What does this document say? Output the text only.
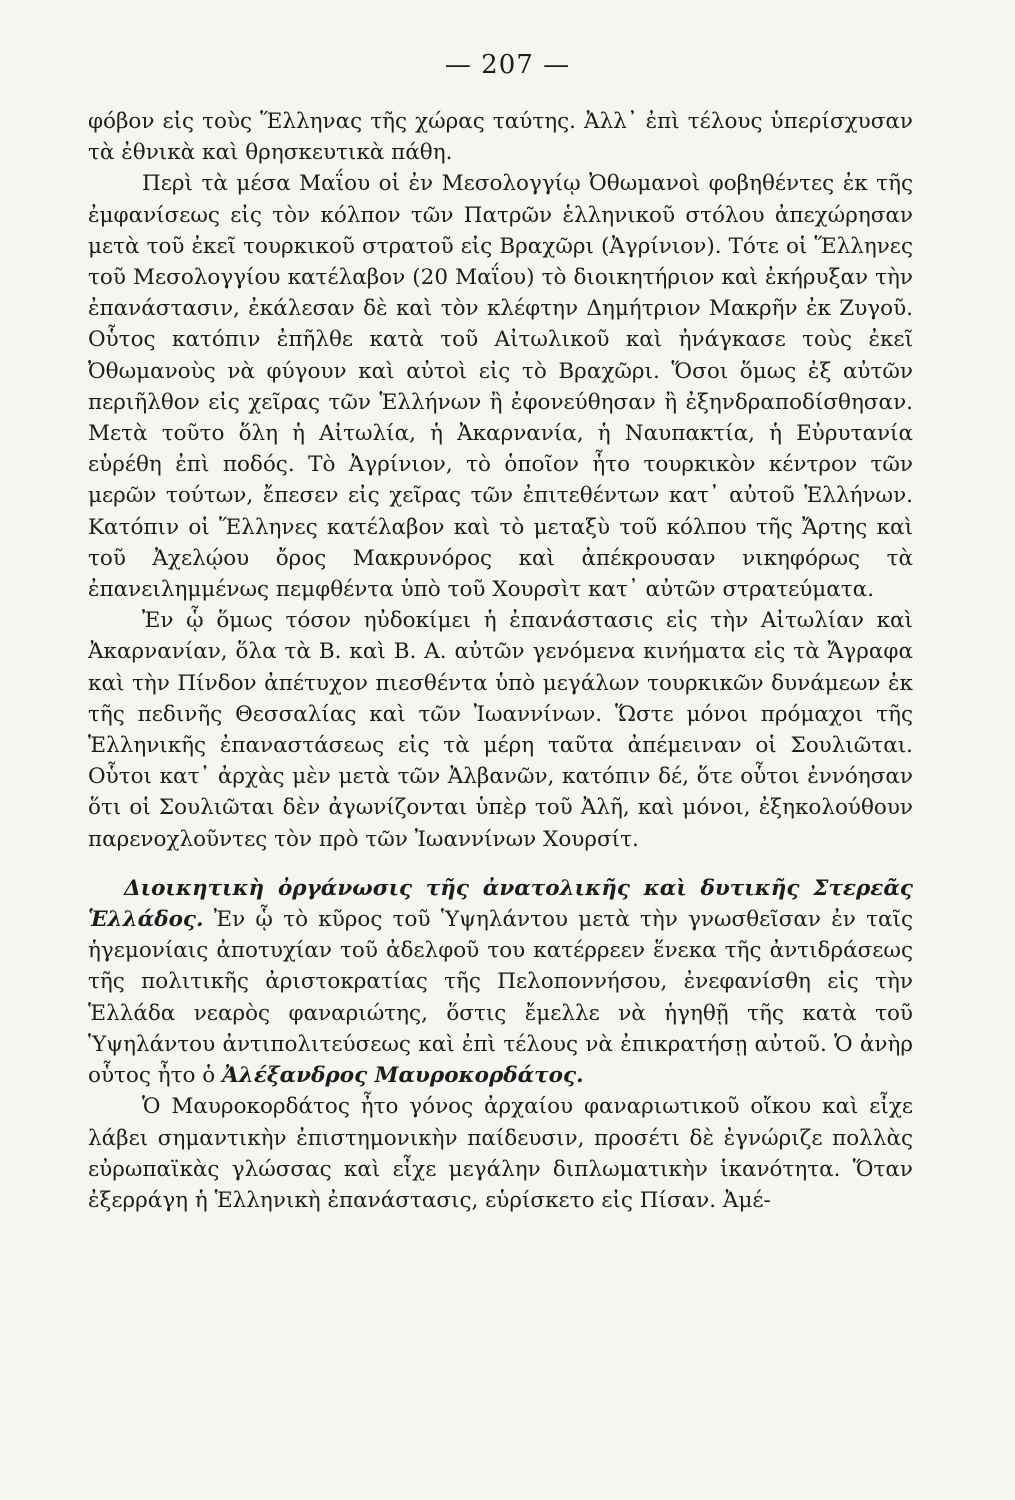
— 207 —

φόβον εἰς τοὺς Ἕλληνας τῆς χώρας ταύτης. Ἀλλ᾽ ἐπὶ τέλους ὑπερίσχυσαν τὰ ἐθνικὰ καὶ θρησκευτικὰ πάθη.

Περὶ τὰ μέσα Μαΐου οἱ ἐν Μεσολογγίῳ Ὀθωμανοὶ φοβηθέντες ἐκ τῆς ἐμφανίσεως εἰς τὸν κόλπον τῶν Πατρῶν ἑλληνικοῦ στόλου ἀπεχώρησαν μετὰ τοῦ ἐκεῖ τουρκικοῦ στρατοῦ εἰς Βραχῶρι (Ἀγρίνιον). Τότε οἱ Ἕλληνες τοῦ Μεσολογγίου κατέλαβον (20 Μαΐου) τὸ διοικητήριον καὶ ἐκήρυξαν τὴν ἐπανάστασιν, ἐκάλεσαν δὲ καὶ τὸν κλέφτην Δημήτριον Μακρῆν ἐκ Ζυγοῦ. Οὗτος κατόπιν ἐπῆλθε κατὰ τοῦ Αἰτωλικοῦ καὶ ἠνάγκασε τοὺς ἐκεῖ Ὀθωμανοὺς νὰ φύγουν καὶ αὐτοὶ εἰς τὸ Βραχῶρι. Ὅσοι ὅμως ἐξ αὐτῶν περιῆλθον εἰς χεῖρας τῶν Ἑλλήνων ἢ ἐφονεύθησαν ἢ ἐξηνδραποδίσθησαν. Μετὰ τοῦτο ὅλη ἡ Αἰτωλία, ἡ Ἀκαρνανία, ἡ Ναυπακτία, ἡ Εὐρυτανία εὑρέθη ἐπὶ ποδός. Τὸ Ἀγρίνιον, τὸ ὁποῖον ἦτο τουρκικὸν κέντρον τῶν μερῶν τούτων, ἔπεσεν εἰς χεῖρας τῶν ἐπιτεθέντων κατ᾽ αὐτοῦ Ἑλλήνων. Κατόπιν οἱ Ἕλληνες κατέλαβον καὶ τὸ μεταξὺ τοῦ κόλπου τῆς Ἄρτης καὶ τοῦ Ἀχελῴου ὄρος Μακρυνόρος καὶ ἀπέκρουσαν νικηφόρως τὰ ἐπανειλημμένως πεμφθέντα ὑπὸ τοῦ Χουρσὶτ κατ᾽ αὐτῶν στρατεύματα.

Ἐν ᾧ ὅμως τόσον ηὐδοκίμει ἡ ἐπανάστασις εἰς τὴν Αἰτωλίαν καὶ Ἀκαρνανίαν, ὅλα τὰ Β. καὶ Β. Α. αὐτῶν γενόμενα κινήματα εἰς τὰ Ἄγραφα καὶ τὴν Πίνδον ἀπέτυχον πιεσθέντα ὑπὸ μεγάλων τουρκικῶν δυνάμεων ἐκ τῆς πεδινῆς Θεσσαλίας καὶ τῶν Ἰωαννίνων. Ὥστε μόνοι πρόμαχοι τῆς Ἑλληνικῆς ἐπαναστάσεως εἰς τὰ μέρη ταῦτα ἀπέμειναν οἱ Σουλιῶται. Οὗτοι κατ᾽ ἀρχὰς μὲν μετὰ τῶν Ἀλβανῶν, κατόπιν δέ, ὅτε οὗτοι ἐννόησαν ὅτι οἱ Σουλιῶται δὲν ἀγωνίζονται ὑπὲρ τοῦ Ἀλῆ, καὶ μόνοι, ἐξηκολούθουν παρενοχλοῦντες τὸν πρὸ τῶν Ἰωαννίνων Χουρσίτ.

Διοικητικὴ ὀργάνωσις τῆς ἀνατολικῆς καὶ δυτικῆς Στερεᾶς Ἑλλάδος. Ἐν ᾧ τὸ κῦρος τοῦ Ὑψηλάντου μετὰ τὴν γνωσθεῖσαν ἐν ταῖς ἡγεμονίαις ἀποτυχίαν τοῦ ἀδελφοῦ του κατέρρεεν ἕνεκα τῆς ἀντιδράσεως τῆς πολιτικῆς ἀριστοκρατίας τῆς Πελοποννήσου, ἐνεφανίσθη εἰς τὴν Ἑλλάδα νεαρὸς φαναριώτης, ὅστις ἔμελλε νὰ ἡγηθῇ τῆς κατὰ τοῦ Ὑψηλάντου ἀντιπολιτεύσεως καὶ ἐπὶ τέλους νὰ ἐπικρατήσῃ αὐτοῦ. Ὁ ἀνὴρ οὗτος ἦτο ὁ Ἀλέξανδρος Μαυροκορδάτος.

Ὁ Μαυροκορδάτος ἦτο γόνος ἀρχαίου φαναριωτικοῦ οἴκου καὶ εἶχε λάβει σημαντικὴν ἐπιστημονικὴν παίδευσιν, προσέτι δὲ ἐγνώριζε πολλὰς εὐρωπαϊκὰς γλώσσας καὶ εἶχε μεγάλην διπλωματικὴν ἱκανότητα. Ὅταν ἐξερράγη ἡ Ἑλληνικὴ ἐπανάστασις, εὑρίσκετο εἰς Πίσαν. Ἀμέ-
